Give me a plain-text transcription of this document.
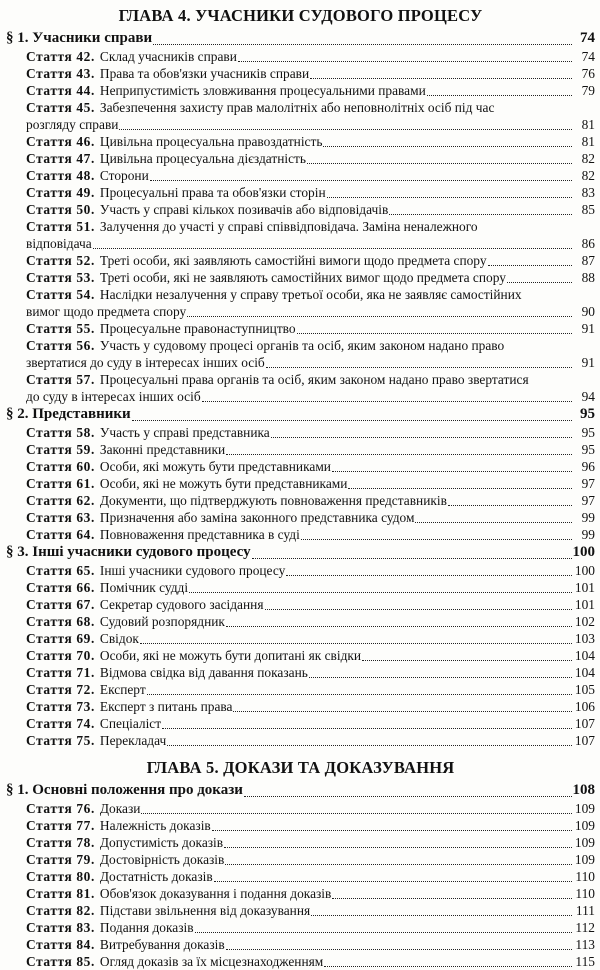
ГЛАВА 4. УЧАСНИКИ СУДОВОГО ПРОЦЕСУ
§ 1. Учасники справи	74
Стаття 42. Склад учасників справи	74
Стаття 43. Права та обов'язки учасників справи	76
Стаття 44. Неприпустимість зловживання процесуальними правами	79
Стаття 45. Забезпечення захисту прав малолітніх або неповнолітніх осіб під час
розгляду справи	81
Стаття 46. Цивільна процесуальна правоздатність	81
Стаття 47. Цивільна процесуальна дієздатність	82
Стаття 48. Сторони	82
Стаття 49. Процесуальні права та обов'язки сторін	83
Стаття 50. Участь у справі кількох позивачів або відповідачів	85
Стаття 51. Залучення до участі у справі співвідповідача. Заміна неналежного
відповідача	86
Стаття 52. Треті особи, які заявляють самостійні вимоги щодо предмета спору	87
Стаття 53. Треті особи, які не заявляють самостійних вимог щодо предмета спору	88
Стаття 54. Наслідки незалучення у справу третьої особи, яка не заявляє самостійних
вимог щодо предмета спору	90
Стаття 55. Процесуальне правонаступництво	91
Стаття 56. Участь у судовому процесі органів та осіб, яким законом надано право
звертатися до суду в інтересах інших осіб	91
Стаття 57. Процесуальні права органів та осіб, яким законом надано право звертатися
до суду в інтересах інших осіб	94
§ 2. Представники	95
Стаття 58. Участь у справі представника	95
Стаття 59. Законні представники	95
Стаття 60. Особи, які можуть бути представниками	96
Стаття 61. Особи, які не можуть бути представниками	97
Стаття 62. Документи, що підтверджують повноваження представників	97
Стаття 63. Призначення або заміна законного представника судом	99
Стаття 64. Повноваження представника в суді	99
§ 3. Інші учасники судового процесу	100
Стаття 65. Інші учасники судового процесу	100
Стаття 66. Помічник судді	101
Стаття 67. Секретар судового засідання	101
Стаття 68. Судовий розпорядник	102
Стаття 69. Свідок	103
Стаття 70. Особи, які не можуть бути допитані як свідки	104
Стаття 71. Відмова свідка від давання показань	104
Стаття 72. Експерт	105
Стаття 73. Експерт з питань права	106
Стаття 74. Спеціаліст	107
Стаття 75. Перекладач	107
ГЛАВА 5. ДОКАЗИ ТА ДОКАЗУВАННЯ
§ 1. Основні положення про докази	108
Стаття 76. Докази	109
Стаття 77. Належність доказів	109
Стаття 78. Допустимість доказів	109
Стаття 79. Достовірність доказів	109
Стаття 80. Достатність доказів	110
Стаття 81. Обов'язок доказування і подання доказів	110
Стаття 82. Підстави звільнення від доказування	111
Стаття 83. Подання доказів	112
Стаття 84. Витребування доказів	113
Стаття 85. Огляд доказів за їх місцезнаходженням	115
